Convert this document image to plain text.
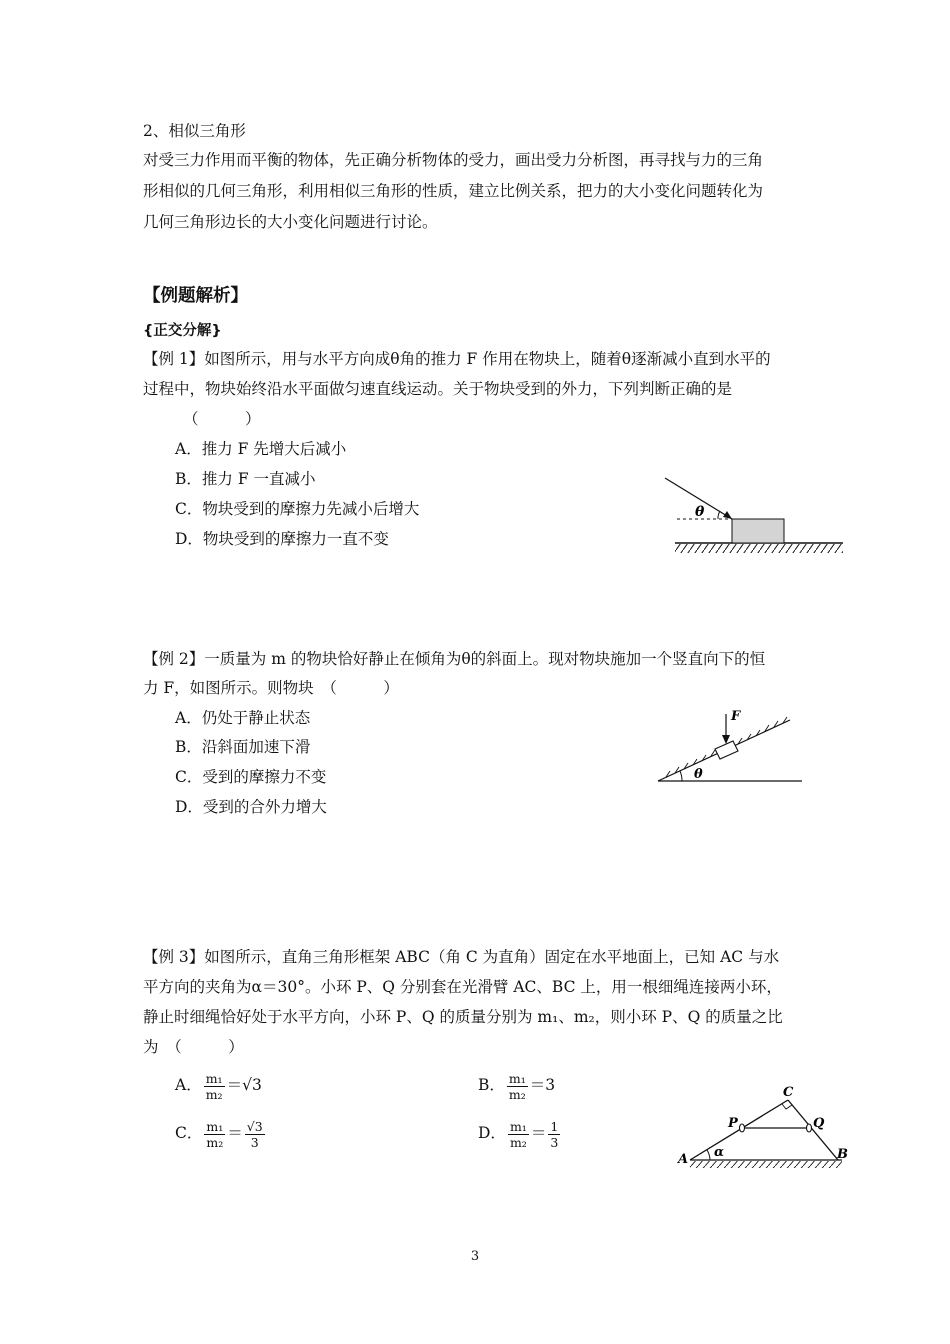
2、相似三角形
对受三力作用而平衡的物体，先正确分析物体的受力，画出受力分析图，再寻找与力的三角
形相似的几何三角形，利用相似三角形的性质，建立比例关系，把力的大小变化问题转化为
几何三角形边长的大小变化问题进行讨论。
【例题解析】
{正交分解}
【例 1】如图所示，用与水平方向成θ角的推力 F 作用在物块上，随着θ逐渐减小直到水平的
过程中，物块始终沿水平面做匀速直线运动。关于物块受到的外力，下列判断正确的是
（　　　）
A．推力 F 先增大后减小
B．推力 F 一直减小
C．物块受到的摩擦力先减小后增大
D．物块受到的摩擦力一直不变
θ
【例 2】一质量为 m 的物块恰好静止在倾角为θ的斜面上。现对物块施加一个竖直向下的恒
力 F，如图所示。则物块　（　　　）
A．仍处于静止状态
B．沿斜面加速下滑
C．受到的摩擦力不变
D．受到的合外力增大
F
θ
【例 3】如图所示，直角三角形框架 ABC（角 C 为直角）固定在水平地面上，已知 AC 与水
平方向的夹角为α＝30°。小环 P、Q 分别套在光滑臂 AC、BC 上，用一根细绳连接两小环，
静止时细绳恰好处于水平方向，小环 P、Q 的质量分别为 m₁、m₂，则小环 P、Q 的质量之比
为　（　　　）
A． $\frac{\text{m₁}}{\text{m₂}} =√3$	B． $\frac{\text{m₁}}{\text{m₂}} =3$
C． $\frac{\text{m₁}}{\text{m₂}} = \frac{√3}{3}$	D． $\frac{\text{m₁}}{\text{m₂}} = \frac{1}{3}$
A	B
C
P	Q
α
3
